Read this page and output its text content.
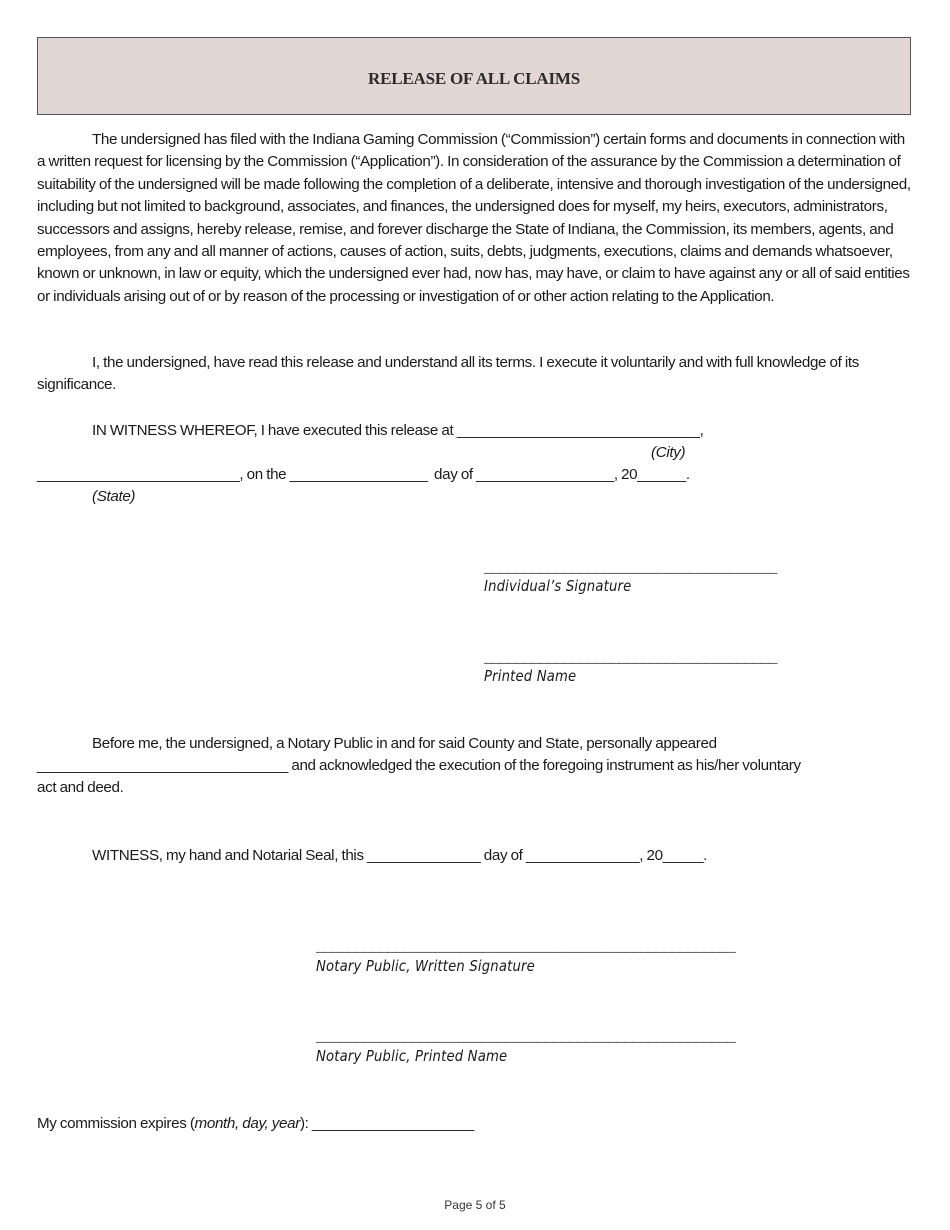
RELEASE OF ALL CLAIMS

The undersigned has filed with the Indiana Gaming Commission (“Commission”) certain forms and documents in connection with a written request for licensing by the Commission (“Application”). In consideration of the assurance by the Commission a determination of suitability of the undersigned will be made following the completion of a deliberate, intensive and thorough investigation of the undersigned, including but not limited to background, associates, and finances, the undersigned does for myself, my heirs, executors, administrators, successors and assigns, hereby release, remise, and forever discharge the State of Indiana, the Commission, its members, agents, and employees, from any and all manner of actions, causes of action, suits, debts, judgments, executions, claims and demands whatsoever, known or unknown, in law or equity, which the undersigned ever had, now has, may have, or claim to have against any or all of said entities or individuals arising out of or by reason of the processing or investigation of or other action relating to the Application.

I, the undersigned, have read this release and understand all its terms. I execute it voluntarily and with full knowledge of its significance.

IN WITNESS WHEREOF, I have executed this release at ______________________________,
(City)
_________________________, on the _________________  day of _________________, 20______.
(State)
_____________________________________
Individual’s Signature
_____________________________________
Printed Name
Before me, the undersigned, a Notary Public in and for said County and State, personally appeared
_______________________________ and acknowledged the execution of the foregoing instrument as his/her voluntary
act and deed.
WITNESS, my hand and Notarial Seal, this ______________ day of ______________, 20_____.
_____________________________________________________
Notary Public, Written Signature
_____________________________________________________
Notary Public, Printed Name
My commission expires (month, day, year): ____________________
Page 5 of 5
